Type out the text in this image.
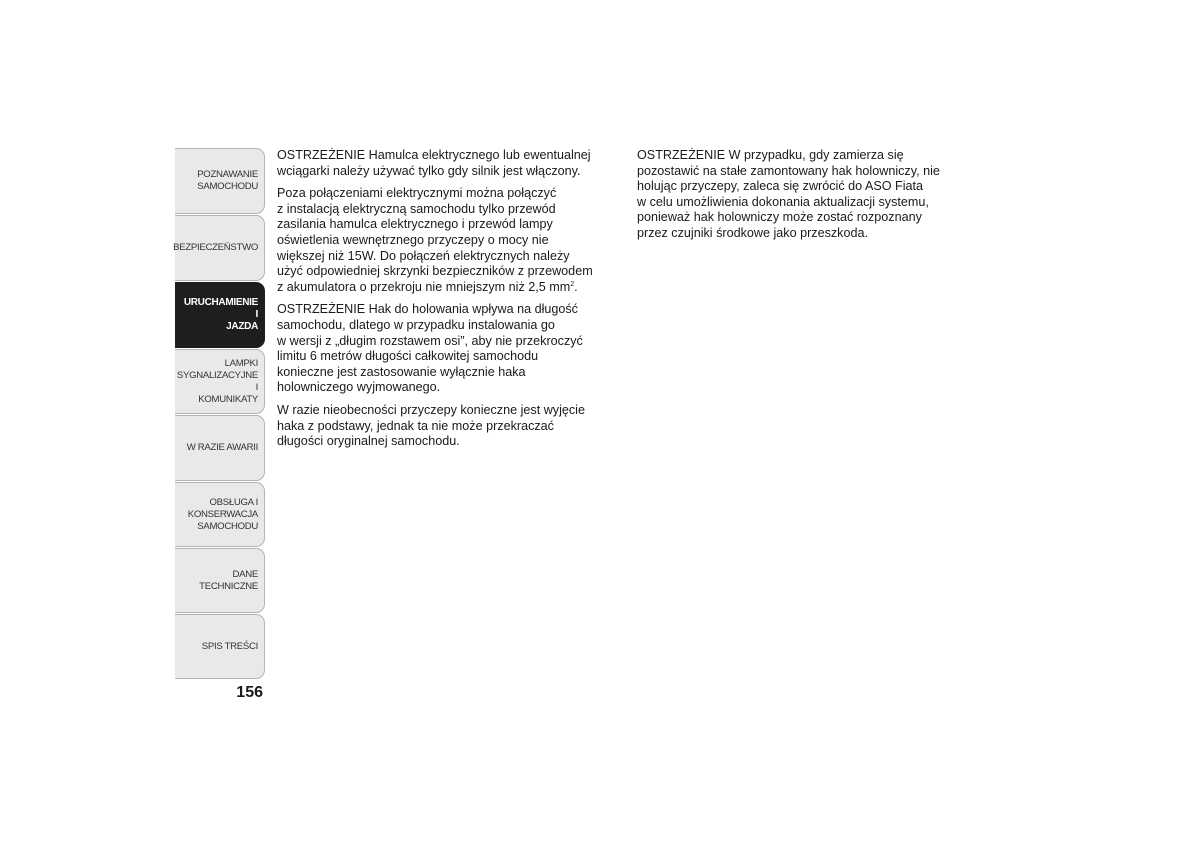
POZNAWANIE
SAMOCHODU
BEZPIECZEŃSTWO
URUCHAMIENIE I
JAZDA
LAMPKI
SYGNALIZACYJNE I
KOMUNIKATY
W RAZIE AWARII
OBSŁUGA I
KONSERWACJA
SAMOCHODU
DANE TECHNICZNE
SPIS TREŚCI
156

OSTRZEŻENIE Hamulca elektrycznego lub ewentualnej
wciągarki należy używać tylko gdy silnik jest włączony.

Poza połączeniami elektrycznymi można połączyć
z instalacją elektryczną samochodu tylko przewód
zasilania hamulca elektrycznego i przewód lampy
oświetlenia wewnętrznego przyczepy o mocy nie
większej niż 15W. Do połączeń elektrycznych należy
użyć odpowiedniej skrzynki bezpieczników z przewodem
z akumulatora o przekroju nie mniejszym niż 2,5 $mm^2$.

OSTRZEŻENIE Hak do holowania wpływa na długość
samochodu, dlatego w przypadku instalowania go
w wersji z „długim rozstawem osi”, aby nie przekroczyć
limitu 6 metrów długości całkowitej samochodu
konieczne jest zastosowanie wyłącznie haka
holowniczego wyjmowanego.

W razie nieobecności przyczepy konieczne jest wyjęcie
haka z podstawy, jednak ta nie może przekraczać
długości oryginalnej samochodu.

OSTRZEŻENIE W przypadku, gdy zamierza się
pozostawić na stałe zamontowany hak holowniczy, nie
holując przyczepy, zaleca się zwrócić do ASO Fiata
w celu umożliwienia dokonania aktualizacji systemu,
ponieważ hak holowniczy może zostać rozpoznany
przez czujniki środkowe jako przeszkoda.
